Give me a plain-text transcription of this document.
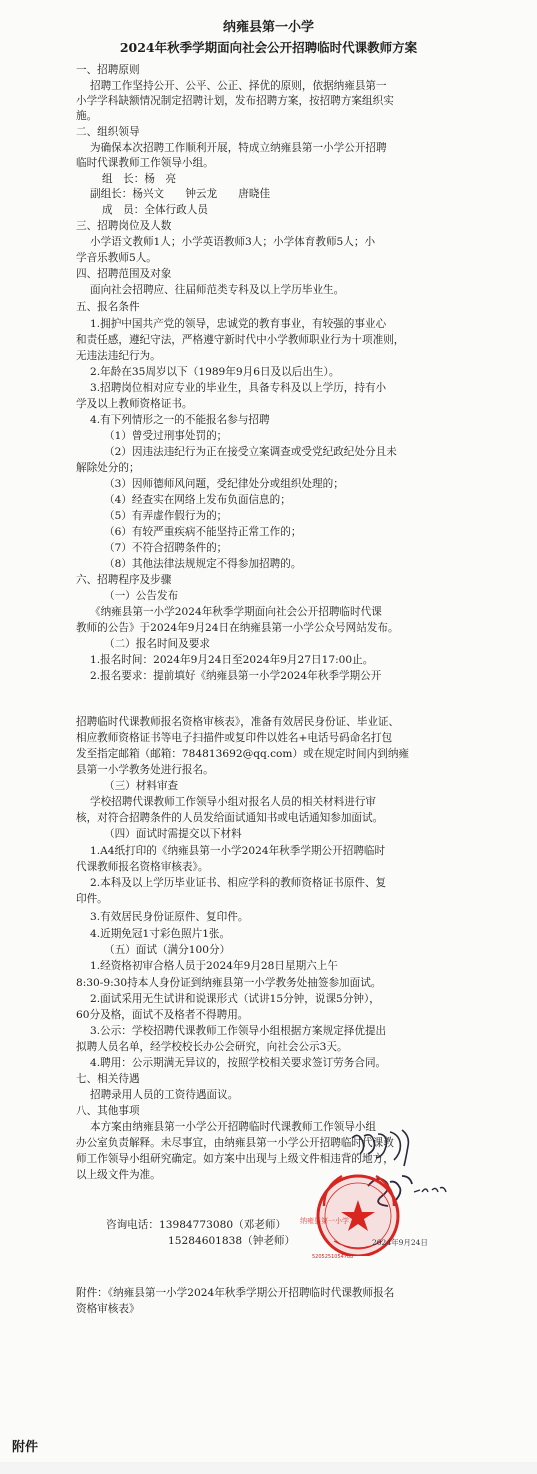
纳雍县第一小学
2024年秋季学期面向社会公开招聘临时代课教师方案
一、招聘原则
招聘工作坚持公开、公平、公正、择优的原则，依据纳雍县第一
小学学科缺额情况制定招聘计划，发布招聘方案，按招聘方案组织实
施。
二、组织领导
为确保本次招聘工作顺利开展，特成立纳雍县第一小学公开招聘
临时代课教师工作领导小组。
组　长：杨　亮
副组长：杨兴文　　钟云龙　　唐晓佳
成　员：全体行政人员
三、招聘岗位及人数
小学语文教师1人；小学英语教师3人；小学体育教师5人；小
学音乐教师5人。
四、招聘范围及对象
面向社会招聘应、往届师范类专科及以上学历毕业生。
五、报名条件
1.拥护中国共产党的领导，忠诚党的教育事业，有较强的事业心
和责任感，遵纪守法，严格遵守新时代中小学教师职业行为十项准则，
无违法违纪行为。
2.年龄在35周岁以下（1989年9月6日及以后出生）。
3.招聘岗位相对应专业的毕业生，具备专科及以上学历，持有小
学及以上教师资格证书。
4.有下列情形之一的不能报名参与招聘
（1）曾受过刑事处罚的；
（2）因违法违纪行为正在接受立案调查或受党纪政纪处分且未
解除处分的；
（3）因师德师风问题，受纪律处分或组织处理的；
（4）经查实在网络上发布负面信息的；
（5）有弄虚作假行为的；
（6）有较严重疾病不能坚持正常工作的；
（7）不符合招聘条件的；
（8）其他法律法规规定不得参加招聘的。
六、招聘程序及步骤
（一）公告发布
《纳雍县第一小学2024年秋季学期面向社会公开招聘临时代课
教师的公告》于2024年9月24日在纳雍县第一小学公众号网站发布。
（二）报名时间及要求
1.报名时间：2024年9月24日至2024年9月27日17:00止。
2.报名要求：提前填好《纳雍县第一小学2024年秋季学期公开
招聘临时代课教师报名资格审核表》，准备有效居民身份证、毕业证、
相应教师资格证书等电子扫描件或复印件以姓名+电话号码命名打包
发至指定邮箱（邮箱：784813692@qq.com）或在规定时间内到纳雍
县第一小学教务处进行报名。
（三）材料审查
学校招聘代课教师工作领导小组对报名人员的相关材料进行审
核，对符合招聘条件的人员发给面试通知书或电话通知参加面试。
（四）面试时需提交以下材料
1.A4纸打印的《纳雍县第一小学2024年秋季学期公开招聘临时
代课教师报名资格审核表》。
2.本科及以上学历毕业证书、相应学科的教师资格证书原件、复
印件。
3.有效居民身份证原件、复印件。
4.近期免冠1寸彩色照片1张。
（五）面试（满分100分）
1.经资格初审合格人员于2024年9月28日星期六上午
8:30-9:30持本人身份证到纳雍县第一小学教务处抽签参加面试。
2.面试采用无生试讲和说课形式（试讲15分钟，说课5分钟），
60分及格，面试不及格者不得聘用。
3.公示：学校招聘代课教师工作领导小组根据方案规定择优提出
拟聘人员名单，经学校校长办公会研究，向社会公示3天。
4.聘用：公示期满无异议的，按照学校相关要求签订劳务合同。
七、相关待遇
招聘录用人员的工资待遇面议。
八、其他事项
本方案由纳雍县第一小学公开招聘临时代课教师工作领导小组
办公室负责解释。未尽事宜，由纳雍县第一小学公开招聘临时代课教
师工作领导小组研究确定。如方案中出现与上级文件相违背的地方，
以上级文件为准。
咨询电话：13984773080（邓老师）
15284601838（钟老师）
纳雍县第一小学
2024年9月24日
5205251054788
附件：《纳雍县第一小学2024年秋季学期公开招聘临时代课教师报名
资格审核表》
附件
